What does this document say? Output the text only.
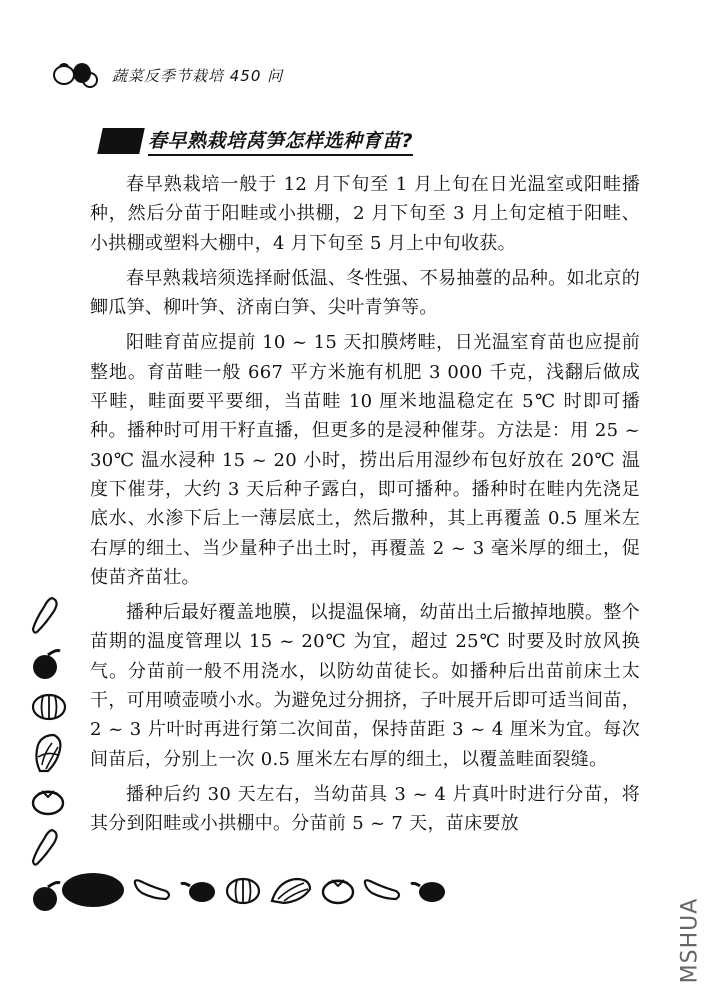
蔬菜反季节栽培 450 问
春早熟栽培莴笋怎样选种育苗?

春早熟栽培一般于 12 月下旬至 1 月上旬在日光温室或阳畦播种，然后分苗于阳畦或小拱棚，2 月下旬至 3 月上旬定植于阳畦、小拱棚或塑料大棚中，4 月下旬至 5 月上中旬收获。

春早熟栽培须选择耐低温、冬性强、不易抽薹的品种。如北京的鲫瓜笋、柳叶笋、济南白笋、尖叶青笋等。

阳畦育苗应提前 10 ~ 15 天扣膜烤畦，日光温室育苗也应提前整地。育苗畦一般 667 平方米施有机肥 3 000 千克，浅翻后做成平畦，畦面要平要细，当苗畦 10 厘米地温稳定在 5℃ 时即可播种。播种时可用干籽直播，但更多的是浸种催芽。方法是：用 25 ~ 30℃ 温水浸种 15 ~ 20 小时，捞出后用湿纱布包好放在 20℃ 温度下催芽，大约 3 天后种子露白，即可播种。播种时在畦内先浇足底水、水渗下后上一薄层底土，然后撒种，其上再覆盖 0.5 厘米左右厚的细土、当少量种子出土时，再覆盖 2 ~ 3 毫米厚的细土，促使苗齐苗壮。

播种后最好覆盖地膜，以提温保墒，幼苗出土后撤掉地膜。整个苗期的温度管理以 15 ~ 20℃ 为宜，超过 25℃ 时要及时放风换气。分苗前一般不用浇水，以防幼苗徒长。如播种后出苗前床土太干，可用喷壶喷小水。为避免过分拥挤，子叶展开后即可适当间苗，2 ~ 3 片叶时再进行第二次间苗，保持苗距 3 ~ 4 厘米为宜。每次间苗后，分别上一次 0.5 厘米左右厚的细土，以覆盖畦面裂缝。

播种后约 30 天左右，当幼苗具 3 ~ 4 片真叶时进行分苗，将其分到阳畦或小拱棚中。分苗前 5 ~ 7 天，苗床要放

MSHUA
